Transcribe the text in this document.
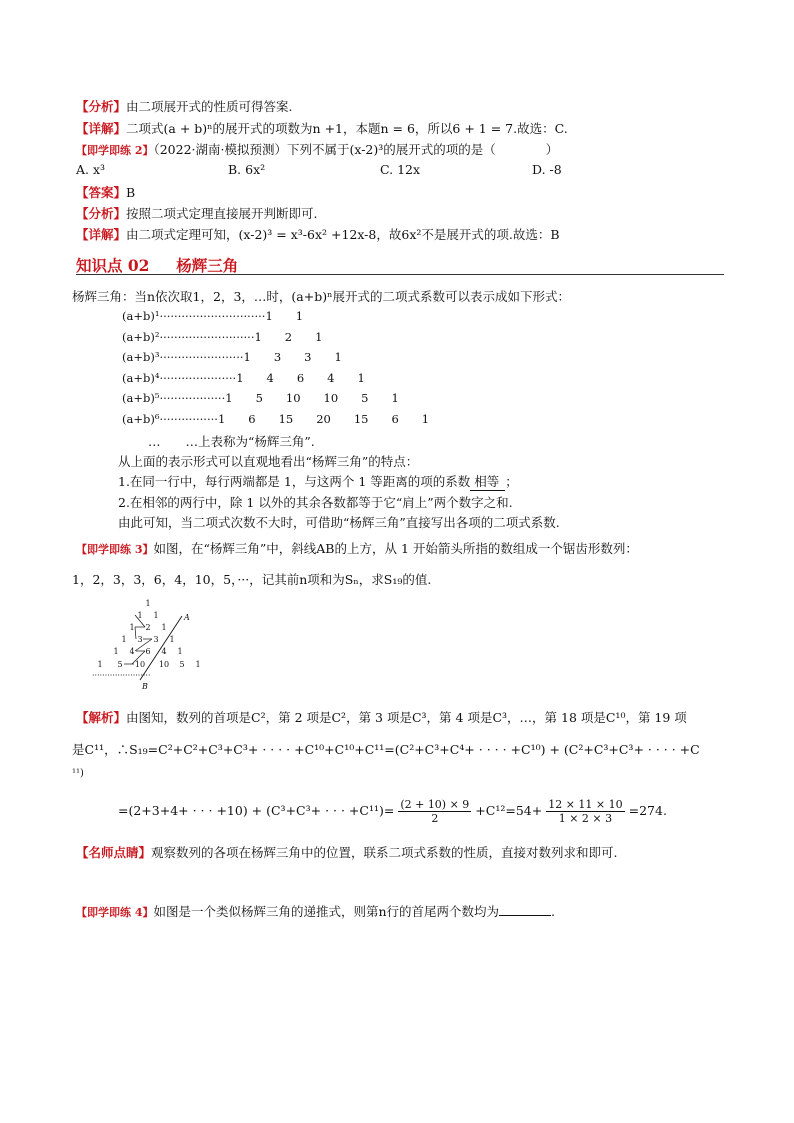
【分析】由二项展开式的性质可得答案.
【详解】二项式(a + b)ⁿ的展开式的项数为n +1，本题n = 6，所以6 + 1 = 7.故选：C.
【即学即练 2】（2022·湖南·模拟预测）下列不属于(x-2)³的展开式的项的是（　　　　）
A. x³	B. 6x²	C. 12x	D. -8
【答案】B
【分析】按照二项式定理直接展开判断即可.
【详解】由二项式定理可知，(x-2)³ = x³-6x² +12x-8，故6x²不是展开式的项.故选：B
知识点 02 杨辉三角
杨辉三角：当n依次取1，2，3，…时，(a+b)ⁿ展开式的二项式系数可以表示成如下形式：
(a+b)¹·····························1　　1
(a+b)²··························1　　2　　1
(a+b)³·······················1　　3　　3　　1
(a+b)⁴·····················1　　4　　6　　4　　1
(a+b)⁵··················1　　5　　10　　10　　5　　1
(a+b)⁶················1　　6　　15　　20　　15　　6　　1
…　　…上表称为“杨辉三角”.
从上面的表示形式可以直观地看出“杨辉三角”的特点：
1.在同一行中，每行两端都是 1，与这两个 1 等距离的项的系数 相等 ；
2.在相邻的两行中，除 1 以外的其余各数都等于它“肩上”两个数字之和.
由此可知，当二项式次数不大时，可借助“杨辉三角”直接写出各项的二项式系数.
【即学即练 3】如图，在“杨辉三角”中，斜线AB的上方，从 1 开始箭头所指的数组成一个锯齿形数列：
1，2，3，3，6，4，10，5，···，记其前n项和为Sₙ，求S₁₉的值.
1
1 1
1 2 1
1 3 3 1
1 4 6 4 1
1 5 10 10 5 1
A
B
·······················
【解析】由图知，数列的首项是C²，第 2 项是C²，第 3 项是C³，第 4 项是C³，…，第 18 项是C¹⁰，第 19 项
是C¹¹，∴S₁₉=C²+C²+C³+C³+ · · · · +C¹⁰+C¹⁰+C¹¹=(C²+C³+C⁴+ · · · · +C¹⁰) + (C²+C³+C³+ · · · · +C
¹¹)
=(2+3+4+ · · · +10) + (C³+C³+ · · · $+C^{11})= \frac{(2 + 10) \times 9}{2} +C^{12}=54+ \frac{12 \times 11 \times 10}{1 \times 2 \times 3} =274$.
【名师点睛】观察数列的各项在杨辉三角中的位置，联系二项式系数的性质，直接对数列求和即可.
【即学即练 4】如图是一个类似杨辉三角的递推式，则第n行的首尾两个数均为	.
